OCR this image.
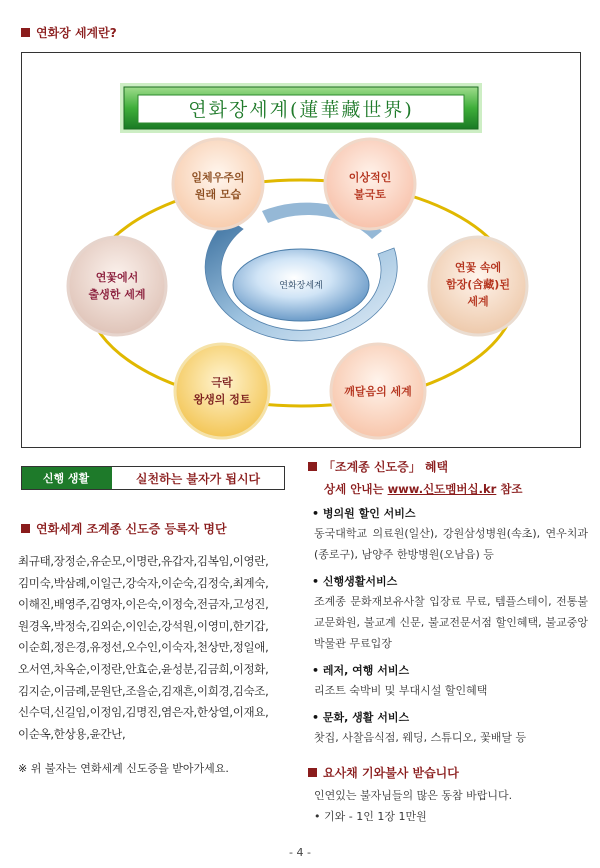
연화장 세계란?
연화장세계(蓮華藏世界)
연화장세계
일체우주의
원래 모습
이상적인
불국토
연꽃 속에
함장(含藏)된
세계
깨달음의 세계
극락
왕생의 정토
연꽃에서
출생한 세계
신행 생활	실천하는 불자가 됩시다
연화세계 조계종 신도증 등록자 명단
최규태,장정순,유순모,이명란,유갑자,김복임,이영란,
김미숙,박삼례,이일근,강숙자,이순숙,김정숙,최계숙,
이해진,배영주,김영자,이은숙,이정숙,전금자,고성진,
원경옥,박정숙,김외순,이인순,강석원,이영미,한기갑,
이순희,정은경,유정선,오수인,이숙자,천상만,정일애,
오서연,차옥순,이정란,안효순,윤성분,김금희,이정화,
김지순,이금례,문원단,조을순,김재흔,이희경,김숙조,
신수덕,신길임,이정임,김명진,염은자,한상열,이재요,
이순옥,한상용,윤간난,
※ 위 불자는 연화세계 신도증을 받아가세요.
「조계종 신도증」 혜택
상세 안내는 www.신도멤버십.kr 참조
• 병의원 할인 서비스
동국대학교 의료원(일산), 강원삼성병원(속초), 연우치과(종로구), 남양주 한방병원(오남읍) 등
• 신행생활서비스
조계종 문화재보유사찰 입장료 무료, 템플스테이, 전통불교문화원, 불교계 신문, 불교전문서점 할인혜택, 불교중앙박물관 무료입장
• 레저, 여행 서비스
리조트 숙박비 및 부대시설 할인혜택
• 문화, 생활 서비스
찻집, 사찰음식점, 웨딩, 스튜디오, 꽃배달 등
요사채 기와불사 받습니다
인연있는 불자님들의 많은 동참 바랍니다.
• 기와 - 1인 1장 1만원
- 4 -
